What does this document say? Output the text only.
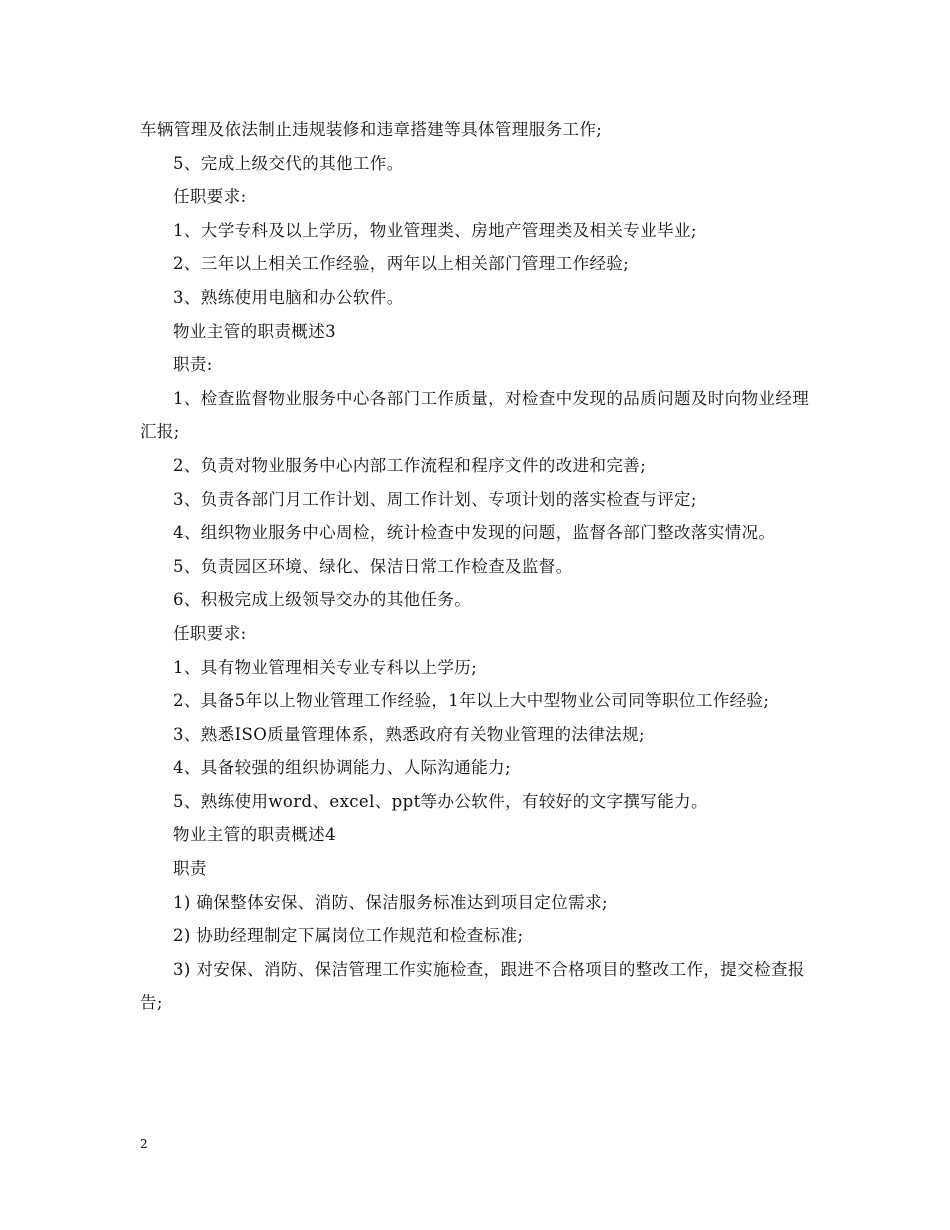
车辆管理及依法制止违规装修和违章搭建等具体管理服务工作;

5、完成上级交代的其他工作。

任职要求:

1、大学专科及以上学历，物业管理类、房地产管理类及相关专业毕业;

2、三年以上相关工作经验，两年以上相关部门管理工作经验;

3、熟练使用电脑和办公软件。

物业主管的职责概述3

职责:

1、检查监督物业服务中心各部门工作质量，对检查中发现的品质问题及时向物业经理汇报;

2、负责对物业服务中心内部工作流程和程序文件的改进和完善;

3、负责各部门月工作计划、周工作计划、专项计划的落实检查与评定;

4、组织物业服务中心周检，统计检查中发现的问题，监督各部门整改落实情况。

5、负责园区环境、绿化、保洁日常工作检查及监督。

6、积极完成上级领导交办的其他任务。

任职要求:

1、具有物业管理相关专业专科以上学历;

2、具备5年以上物业管理工作经验，1年以上大中型物业公司同等职位工作经验;

3、熟悉ISO质量管理体系，熟悉政府有关物业管理的法律法规;

4、具备较强的组织协调能力、人际沟通能力;

5、熟练使用word、excel、ppt等办公软件，有较好的文字撰写能力。

物业主管的职责概述4

职责

1) 确保整体安保、消防、保洁服务标准达到项目定位需求;

2) 协助经理制定下属岗位工作规范和检查标准;

3) 对安保、消防、保洁管理工作实施检查，跟进不合格项目的整改工作，提交检查报告;

2
